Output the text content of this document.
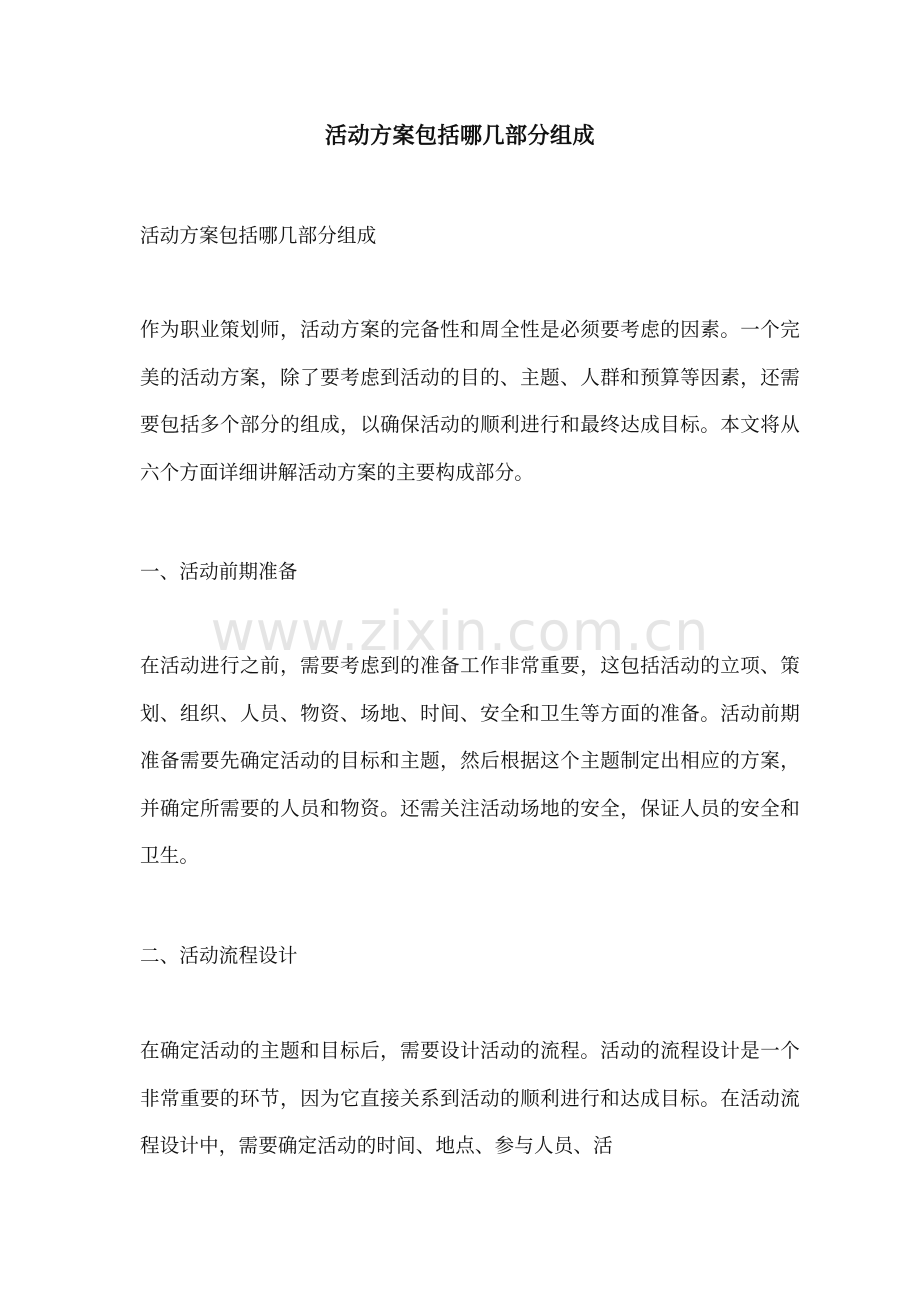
活动方案包括哪几部分组成
活动方案包括哪几部分组成
作为职业策划师，活动方案的完备性和周全性是必须要考虑的因素。一个完美的活动方案，除了要考虑到活动的目的、主题、人群和预算等因素，还需要包括多个部分的组成，以确保活动的顺利进行和最终达成目标。本文将从六个方面详细讲解活动方案的主要构成部分。
一、活动前期准备
在活动进行之前，需要考虑到的准备工作非常重要，这包括活动的立项、策划、组织、人员、物资、场地、时间、安全和卫生等方面的准备。活动前期准备需要先确定活动的目标和主题，然后根据这个主题制定出相应的方案，并确定所需要的人员和物资。还需关注活动场地的安全，保证人员的安全和卫生。
二、活动流程设计
在确定活动的主题和目标后，需要设计活动的流程。活动的流程设计是一个非常重要的环节，因为它直接关系到活动的顺利进行和达成目标。在活动流程设计中，需要确定活动的时间、地点、参与人员、活
www.zixin.com.cn
